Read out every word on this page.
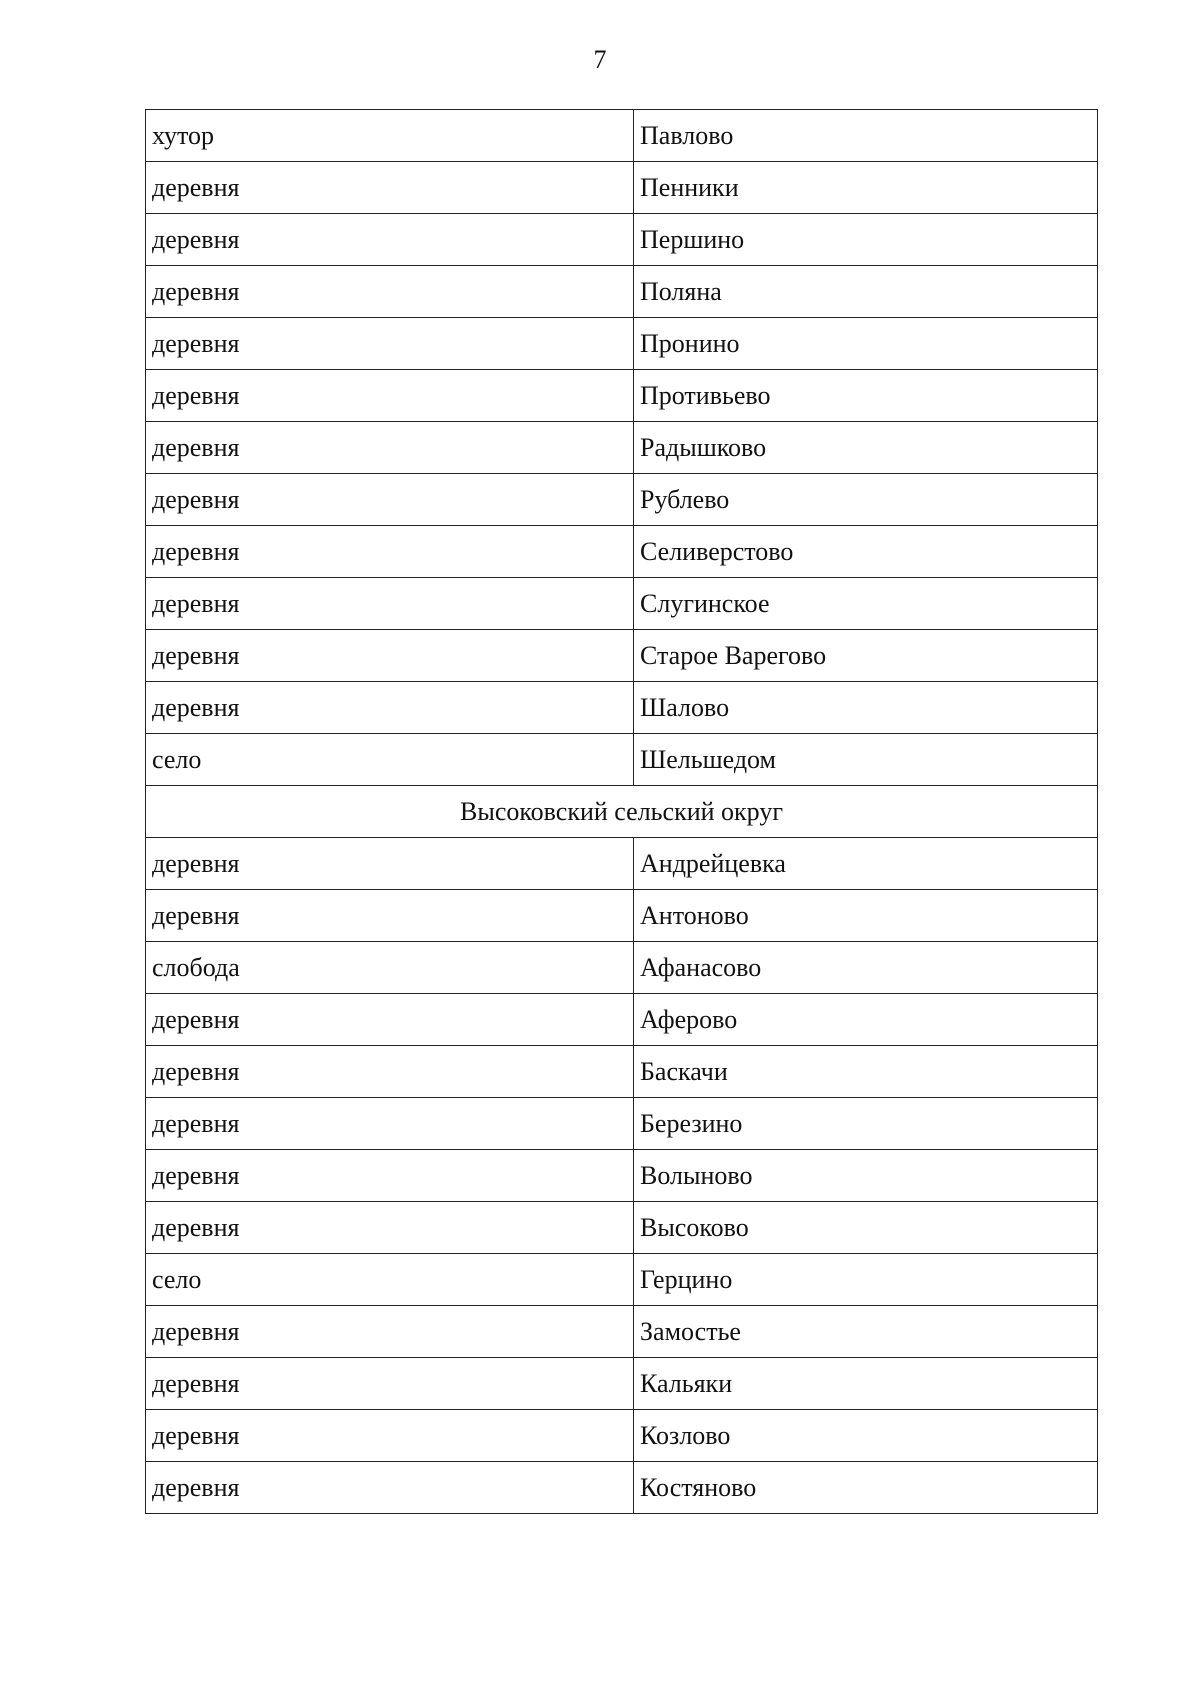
7
хутор	Павлово
деревня	Пенники
деревня	Першино
деревня	Поляна
деревня	Пронино
деревня	Противьево
деревня	Радышково
деревня	Рублево
деревня	Селиверстово
деревня	Слугинское
деревня	Старое Варегово
деревня	Шалово
село	Шельшедом
Высоковский сельский округ	
деревня	Андрейцевка
деревня	Антоново
слобода	Афанасово
деревня	Аферово
деревня	Баскачи
деревня	Березино
деревня	Волыново
деревня	Высоково
село	Герцино
деревня	Замостье
деревня	Кальяки
деревня	Козлово
деревня	Костяново
